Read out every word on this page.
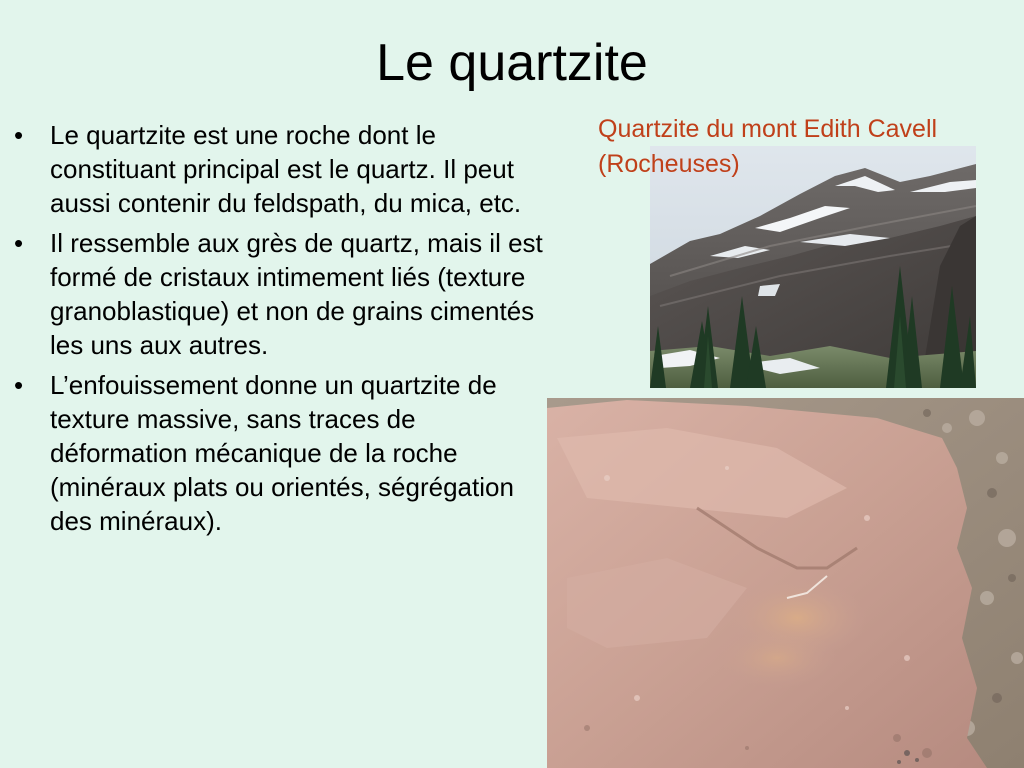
Le quartzite
•	Le quartzite est une roche dont le constituant principal est le quartz. Il peut aussi contenir du feldspath, du mica, etc.
•	Il ressemble aux grès de quartz, mais il est formé de cristaux intimement liés (texture granoblastique) et non de grains cimentés les uns aux autres.
•	L’enfouissement donne un quartzite de texture massive, sans traces de déformation mécanique de la roche (minéraux plats ou orientés, ségrégation des minéraux).
Quartzite du mont Edith Cavell (Rocheuses)
